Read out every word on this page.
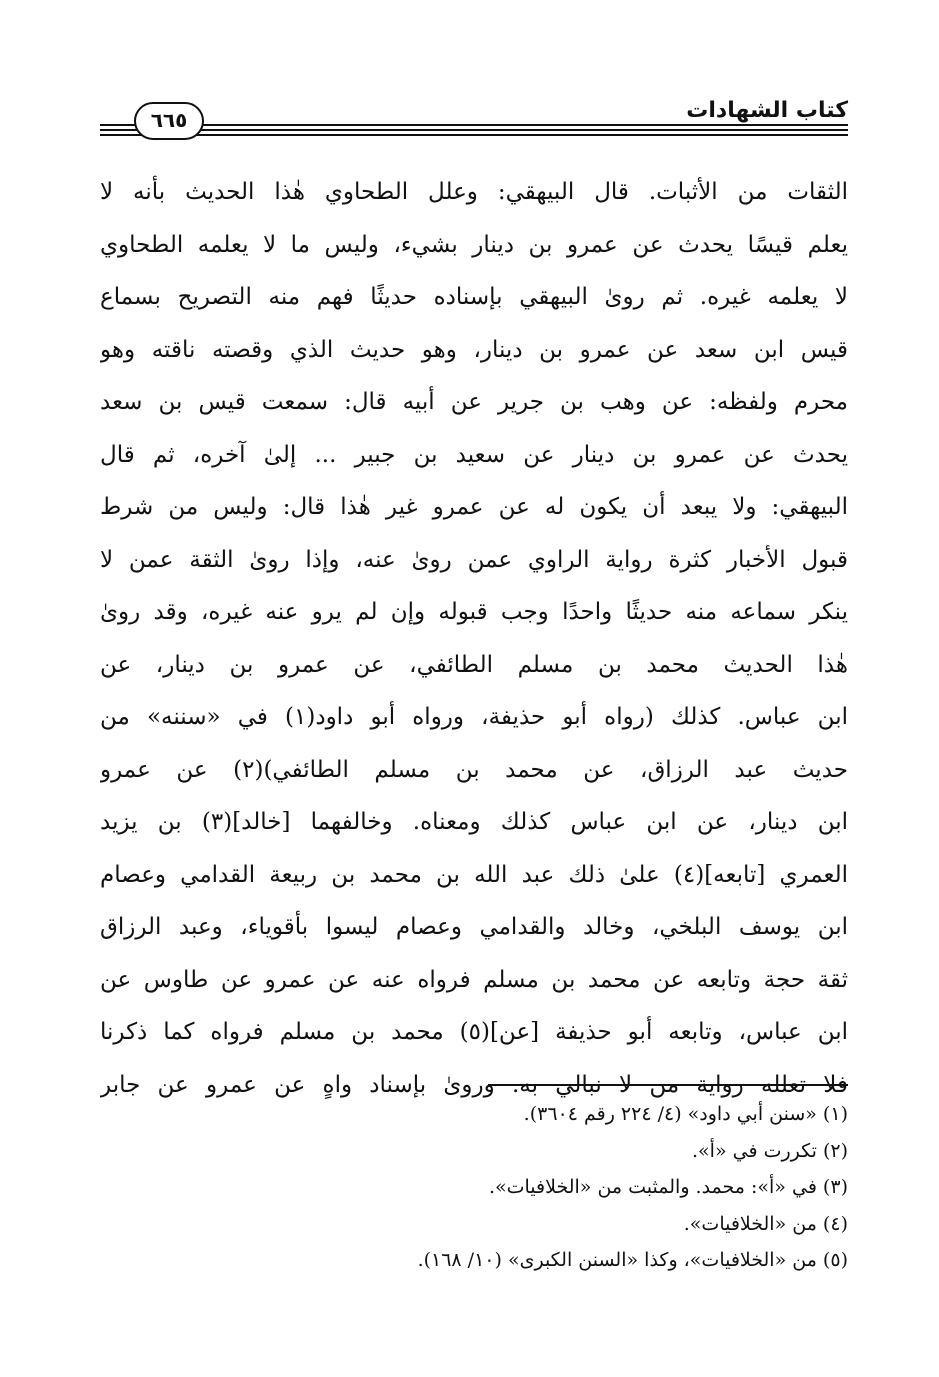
٦٦٥	كتاب الشهادات
الثقات من الأثبات. قال البيهقي: وعلل الطحاوي هٰذا الحديث بأنه لا
يعلم قيسًا يحدث عن عمرو بن دينار بشيء، وليس ما لا يعلمه الطحاوي
لا يعلمه غيره. ثم رویٰ البيهقي بإسناده حديثًا فهم منه التصريح بسماع
قيس ابن سعد عن عمرو بن دينار، وهو حديث الذي وقصته ناقته وهو
محرم ولفظه: عن وهب بن جرير عن أبيه قال: سمعت قيس بن سعد
يحدث عن عمرو بن دينار عن سعيد بن جبير ... إلیٰ آخره، ثم قال
البيهقي: ولا يبعد أن يكون له عن عمرو غير هٰذا قال: وليس من شرط
قبول الأخبار كثرة رواية الراوي عمن رویٰ عنه، وإذا رویٰ الثقة عمن لا
ينكر سماعه منه حديثًا واحدًا وجب قبوله وإن لم يرو عنه غيره، وقد رویٰ
هٰذا الحديث محمد بن مسلم الطائفي، عن عمرو بن دينار، عن
ابن عباس. كذلك (رواه أبو حذيفة، ورواه أبو داود(١) في «سننه» من
حديث عبد الرزاق، عن محمد بن مسلم الطائفي)(٢) عن عمرو
ابن دينار، عن ابن عباس كذلك ومعناه. وخالفهما [خالد](٣) بن يزيد
العمري [تابعه](٤) علیٰ ذلك عبد الله بن محمد بن ربيعة القدامي وعصام
ابن يوسف البلخي، وخالد والقدامي وعصام ليسوا بأقوياء، وعبد الرزاق
ثقة حجة وتابعه عن محمد بن مسلم فرواه عنه عن عمرو عن طاوس عن
ابن عباس، وتابعه أبو حذيفة [عن](٥) محمد بن مسلم فرواه كما ذكرنا
فلا تعلله رواية من لا نبالي به. ورویٰ بإسناد واهٍ عن عمرو عن جابر
(١) «سنن أبي داود» (٤/ ٢٢٤ رقم ٣٦٠٤).
(٢) تكررت في «أ».
(٣) في «أ»: محمد. والمثبت من «الخلافيات».
(٤) من «الخلافيات».
(٥) من «الخلافيات»، وكذا «السنن الكبرى» (١٠/ ١٦٨).
